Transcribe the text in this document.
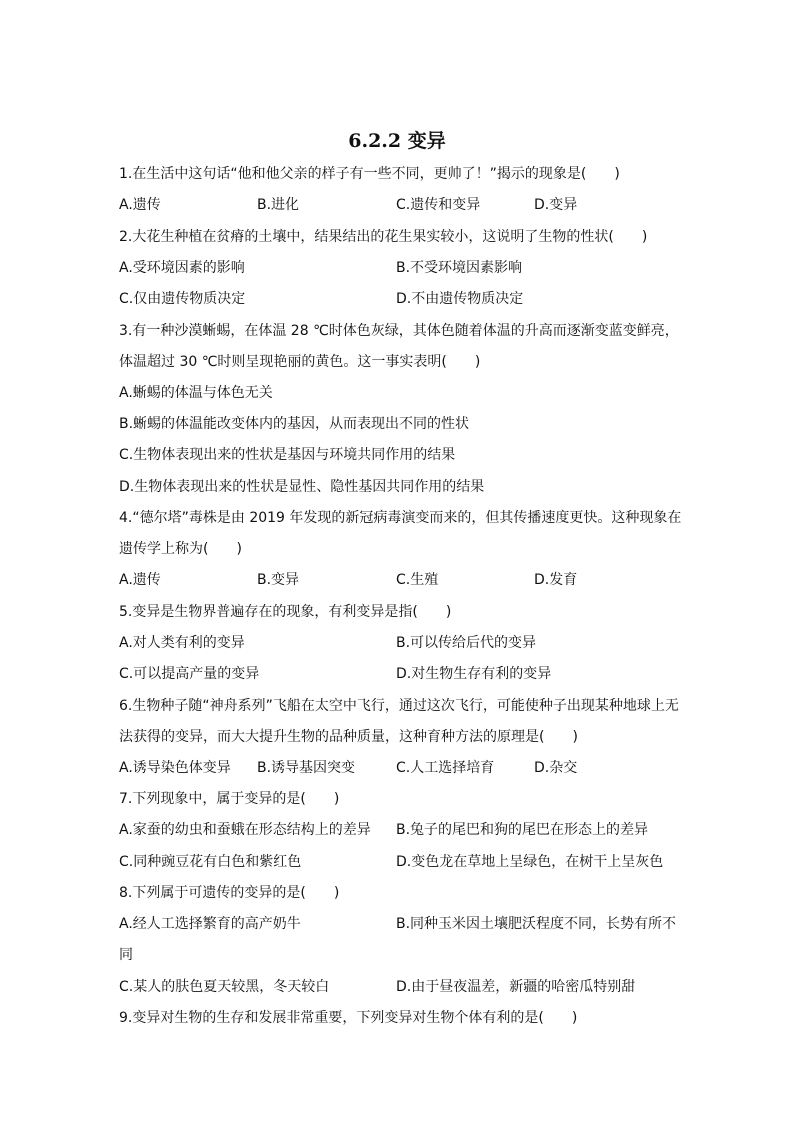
6.2.2 变异
1.在生活中这句话“他和他父亲的样子有一些不同，更帅了！”揭示的现象是(　　)
A.遗传	B.进化	C.遗传和变异	D.变异
2.大花生种植在贫瘠的土壤中，结果结出的花生果实较小，这说明了生物的性状(　　)
A.受环境因素的影响	B.不受环境因素影响
C.仅由遗传物质决定	D.不由遗传物质决定
3.有一种沙漠蜥蜴，在体温 28 ℃时体色灰绿，其体色随着体温的升高而逐渐变蓝变鲜亮，
体温超过 30 ℃时则呈现艳丽的黄色。这一事实表明(　　)
A.蜥蜴的体温与体色无关
B.蜥蜴的体温能改变体内的基因，从而表现出不同的性状
C.生物体表现出来的性状是基因与环境共同作用的结果
D.生物体表现出来的性状是显性、隐性基因共同作用的结果
4.“德尔塔”毒株是由 2019 年发现的新冠病毒演变而来的，但其传播速度更快。这种现象在
遗传学上称为(　　)
A.遗传	B.变异	C.生殖	D.发育
5.变异是生物界普遍存在的现象，有利变异是指(　　)
A.对人类有利的变异	B.可以传给后代的变异
C.可以提高产量的变异	D.对生物生存有利的变异
6.生物种子随“神舟系列”飞船在太空中飞行，通过这次飞行，可能使种子出现某种地球上无
法获得的变异，而大大提升生物的品种质量，这种育种方法的原理是(　　)
A.诱导染色体变异 B.诱导基因突变	C.人工选择培育	D.杂交
7.下列现象中，属于变异的是(　　)
A.家蚕的幼虫和蚕蛾在形态结构上的差异 B.兔子的尾巴和狗的尾巴在形态上的差异
C.同种豌豆花有白色和紫红色	D.变色龙在草地上呈绿色，在树干上呈灰色
8.下列属于可遗传的变异的是(　　)
A.经人工选择繁育的高产奶牛	B.同种玉米因土壤肥沃程度不同，长势有所不
同
C.某人的肤色夏天较黑，冬天较白	D.由于昼夜温差，新疆的哈密瓜特别甜
9.变异对生物的生存和发展非常重要，下列变异对生物个体有利的是(　　)
